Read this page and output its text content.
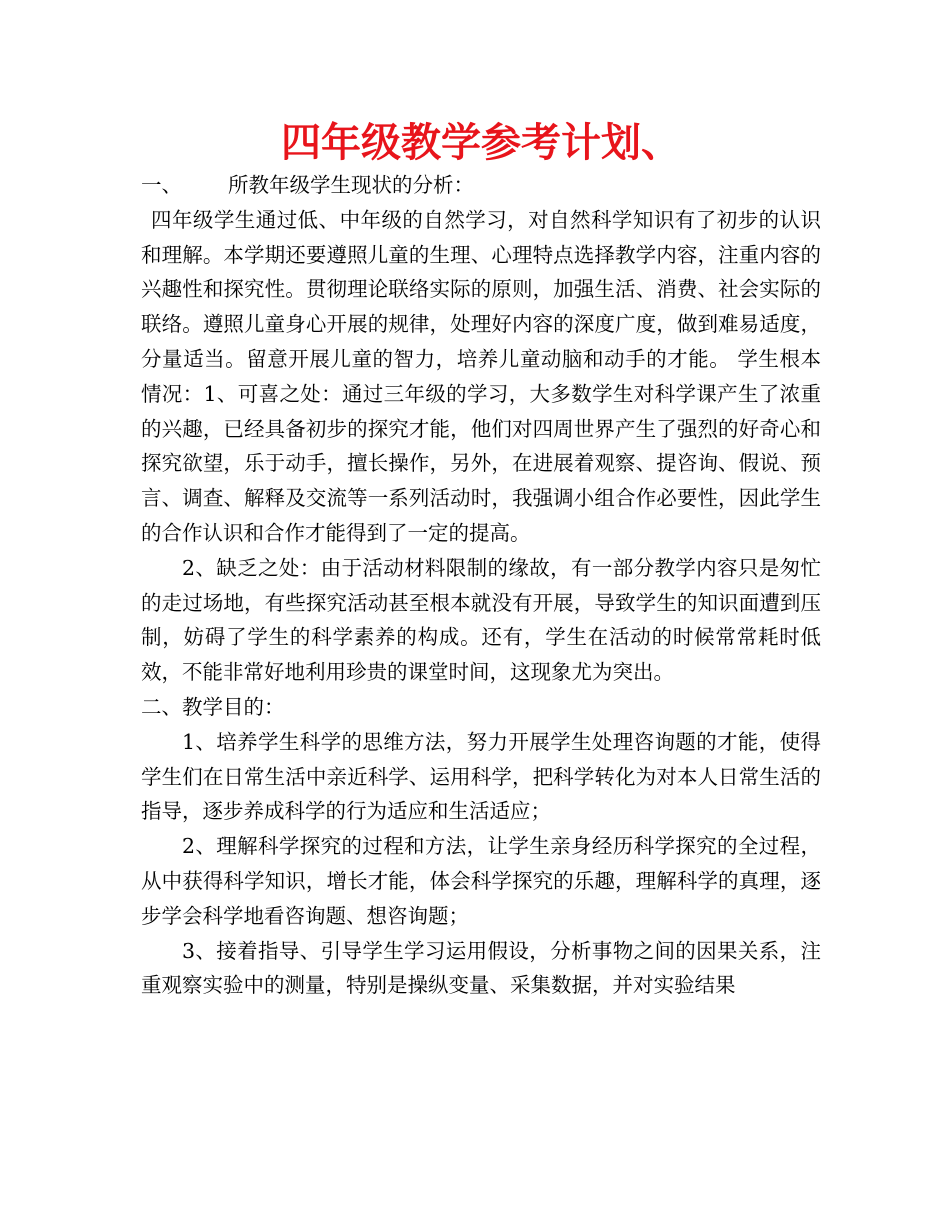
四年级教学参考计划、
一、 所教年级学生现状的分析：

四年级学生通过低、中年级的自然学习，对自然科学知识有了初步的认识和理解。本学期还要遵照儿童的生理、心理特点选择教学内容，注重内容的兴趣性和探究性。贯彻理论联络实际的原则，加强生活、消费、社会实际的联络。遵照儿童身心开展的规律，处理好内容的深度广度，做到难易适度，分量适当。留意开展儿童的智力，培养儿童动脑和动手的才能。 学生根本情况：1、可喜之处：通过三年级的学习，大多数学生对科学课产生了浓重的兴趣，已经具备初步的探究才能，他们对四周世界产生了强烈的好奇心和探究欲望，乐于动手，擅长操作，另外，在进展着观察、提咨询、假说、预言、调查、解释及交流等一系列活动时，我强调小组合作必要性，因此学生的合作认识和合作才能得到了一定的提高。

2、缺乏之处：由于活动材料限制的缘故，有一部分教学内容只是匆忙的走过场地，有些探究活动甚至根本就没有开展，导致学生的知识面遭到压制，妨碍了学生的科学素养的构成。还有，学生在活动的时候常常耗时低效，不能非常好地利用珍贵的课堂时间，这现象尤为突出。

二、教学目的：

1、培养学生科学的思维方法，努力开展学生处理咨询题的才能，使得学生们在日常生活中亲近科学、运用科学，把科学转化为对本人日常生活的指导，逐步养成科学的行为适应和生活适应；

2、理解科学探究的过程和方法，让学生亲身经历科学探究的全过程，从中获得科学知识，增长才能，体会科学探究的乐趣，理解科学的真理，逐步学会科学地看咨询题、想咨询题；

3、接着指导、引导学生学习运用假设，分析事物之间的因果关系，注重观察实验中的测量，特别是操纵变量、采集数据，并对实验结果
